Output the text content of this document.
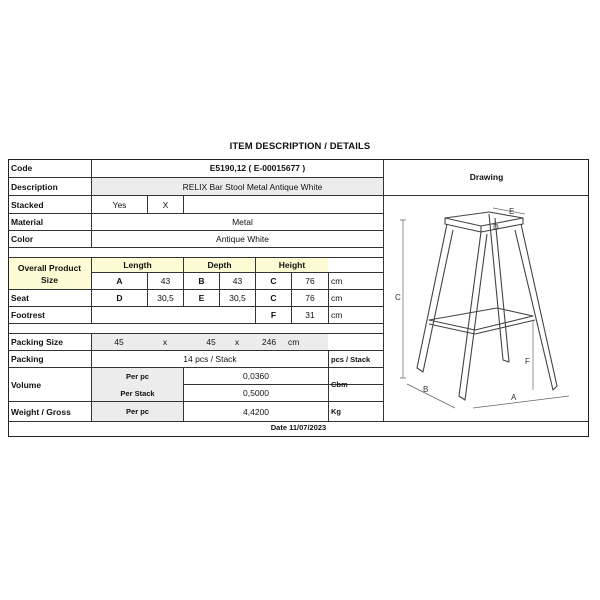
ITEM DESCRIPTION / DETAILS
Code	E5190,12 ( E-00015677 )
Description	RELIX Bar Stool Metal Antique White
Stacked	Yes	X
Material	Metal
Color	Antique White
Overall Product
Size
Length	Depth	Height
A	43	B	43	C	76	cm
Seat	D	30,5	E	30,5	C	76	cm
Footrest	F	31	cm
Packing Size	45	x	45	x	246	cm
Packing	14 pcs / Stack	pcs / Stack
Volume
Per pc	0,0360
Per Stack	0,5000
Cbm
Weight / Gross	Per pc	4,4200	Kg
Drawing
C
B
A
F
D
E
Date 11/07/2023
